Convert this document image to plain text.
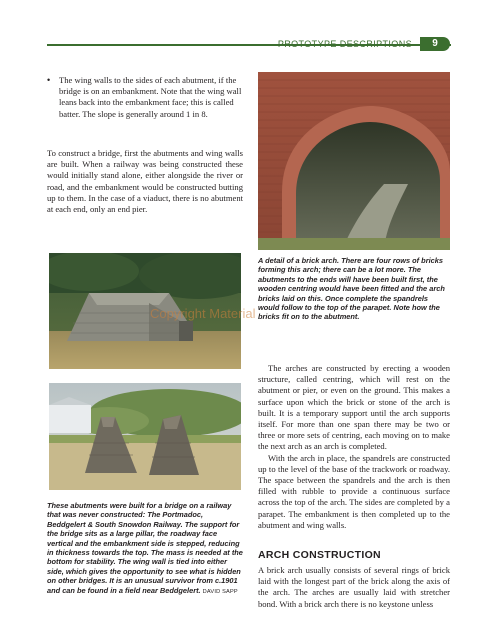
PROTOTYPE DESCRIPTIONS	9
• The wing walls to the sides of each abutment, if the bridge is on an embankment. Note that the wing wall leans back into the embankment face; this is called batter. The slope is generally around 1 in 8.

To construct a bridge, first the abutments and wing walls are built. When a railway was being constructed these would initially stand alone, either alongside the river or road, and the embankment would be constructed butting up to them. In the case of a viaduct, there is no abutment at each end, only an end pier.

A detail of a brick arch. There are four rows of bricks forming this arch; there can be a lot more. The abutments to the ends will have been built first, the wooden centring would have been fitted and the arch bricks laid on this. Once complete the spandrels would follow to the top of the parapet. Note how the bricks fit on to the abutment.

These abutments were built for a bridge on a railway that was never constructed: The Portmadoc, Beddgelert & South Snowdon Railway. The support for the bridge sits as a large pillar, the roadway face vertical and the embankment side is stepped, reducing in thickness towards the top. The mass is needed at the bottom for stability. The wing wall is tied into either side, which gives the opportunity to see what is hidden on other bridges. It is an unusual survivor from c.1901 and can be found in a field near Beddgelert. DAVID SAPP

The arches are constructed by erecting a wooden structure, called centring, which will rest on the abutment or pier, or even on the ground. This makes a surface upon which the brick or stone of the arch is built. It is a temporary support until the arch supports itself. For more than one span there may be two or three or more sets of centring, each moving on to make the next arch as an arch is completed.

With the arch in place, the spandrels are constructed up to the level of the base of the trackwork or roadway. The space between the spandrels and the arch is then filled with rubble to provide a continuous surface across the top of the arch. The sides are completed by a parapet. The embankment is then completed up to the abutment and wing walls.

ARCH CONSTRUCTION

A brick arch usually consists of several rings of brick laid with the longest part of the brick along the axis of the arch. The arches are usually laid with stretcher bond. With a brick arch there is no keystone unless

Copyright Material
